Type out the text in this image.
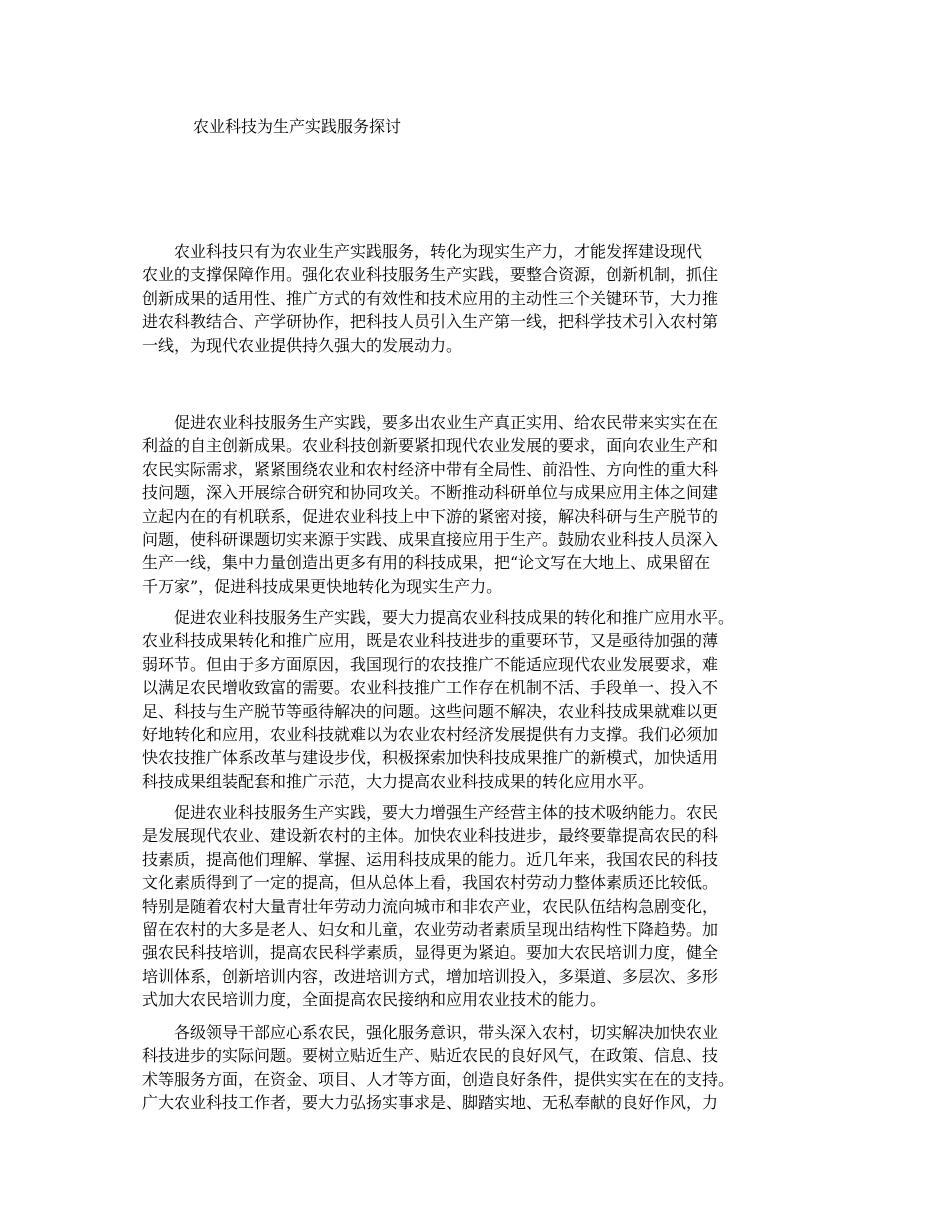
农业科技为生产实践服务探讨

　　农业科技只有为农业生产实践服务，转化为现实生产力，才能发挥建设现代
农业的支撑保障作用。强化农业科技服务生产实践，要整合资源，创新机制，抓住
创新成果的适用性、推广方式的有效性和技术应用的主动性三个关键环节，大力推
进农科教结合、产学研协作，把科技人员引入生产第一线，把科学技术引入农村第
一线，为现代农业提供持久强大的发展动力。

　　促进农业科技服务生产实践，要多出农业生产真正实用、给农民带来实实在在
利益的自主创新成果。农业科技创新要紧扣现代农业发展的要求，面向农业生产和
农民实际需求，紧紧围绕农业和农村经济中带有全局性、前沿性、方向性的重大科
技问题，深入开展综合研究和协同攻关。不断推动科研单位与成果应用主体之间建
立起内在的有机联系，促进农业科技上中下游的紧密对接，解决科研与生产脱节的
问题，使科研课题切实来源于实践、成果直接应用于生产。鼓励农业科技人员深入
生产一线，集中力量创造出更多有用的科技成果，把“论文写在大地上、成果留在
千万家”，促进科技成果更快地转化为现实生产力。

　　促进农业科技服务生产实践，要大力提高农业科技成果的转化和推广应用水平。
农业科技成果转化和推广应用，既是农业科技进步的重要环节，又是亟待加强的薄
弱环节。但由于多方面原因，我国现行的农技推广不能适应现代农业发展要求，难
以满足农民增收致富的需要。农业科技推广工作存在机制不活、手段单一、投入不
足、科技与生产脱节等亟待解决的问题。这些问题不解决，农业科技成果就难以更
好地转化和应用，农业科技就难以为农业农村经济发展提供有力支撑。我们必须加
快农技推广体系改革与建设步伐，积极探索加快科技成果推广的新模式，加快适用
科技成果组装配套和推广示范，大力提高农业科技成果的转化应用水平。

　　促进农业科技服务生产实践，要大力增强生产经营主体的技术吸纳能力。农民
是发展现代农业、建设新农村的主体。加快农业科技进步，最终要靠提高农民的科
技素质，提高他们理解、掌握、运用科技成果的能力。近几年来，我国农民的科技
文化素质得到了一定的提高，但从总体上看，我国农村劳动力整体素质还比较低。
特别是随着农村大量青壮年劳动力流向城市和非农产业，农民队伍结构急剧变化，
留在农村的大多是老人、妇女和儿童，农业劳动者素质呈现出结构性下降趋势。加
强农民科技培训，提高农民科学素质，显得更为紧迫。要加大农民培训力度，健全
培训体系，创新培训内容，改进培训方式，增加培训投入，多渠道、多层次、多形
式加大农民培训力度，全面提高农民接纳和应用农业技术的能力。

　　各级领导干部应心系农民，强化服务意识，带头深入农村，切实解决加快农业
科技进步的实际问题。要树立贴近生产、贴近农民的良好风气，在政策、信息、技
术等服务方面，在资金、项目、人才等方面，创造良好条件，提供实实在在的支持。
广大农业科技工作者，要大力弘扬实事求是、脚踏实地、无私奉献的良好作风，力
